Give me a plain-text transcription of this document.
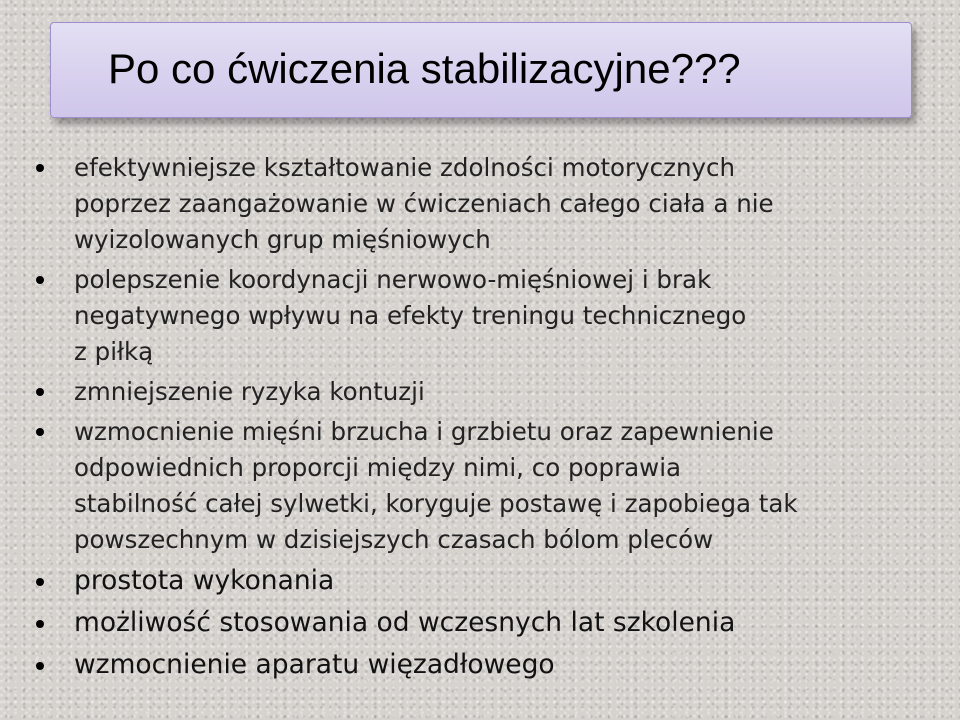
Po co ćwiczenia stabilizacyjne???
efektywniejsze kształtowanie zdolności motorycznych
poprzez zaangażowanie w ćwiczeniach całego ciała a nie
wyizolowanych grup mięśniowych
polepszenie koordynacji nerwowo-mięśniowej i brak
negatywnego wpływu na efekty treningu technicznego
z piłką
zmniejszenie ryzyka kontuzji
wzmocnienie mięśni brzucha i grzbietu oraz zapewnienie
odpowiednich proporcji między nimi, co poprawia
stabilność całej sylwetki, koryguje postawę i zapobiega tak
powszechnym w dzisiejszych czasach bólom pleców
prostota wykonania
możliwość stosowania od wczesnych lat szkolenia
wzmocnienie aparatu więzadłowego
